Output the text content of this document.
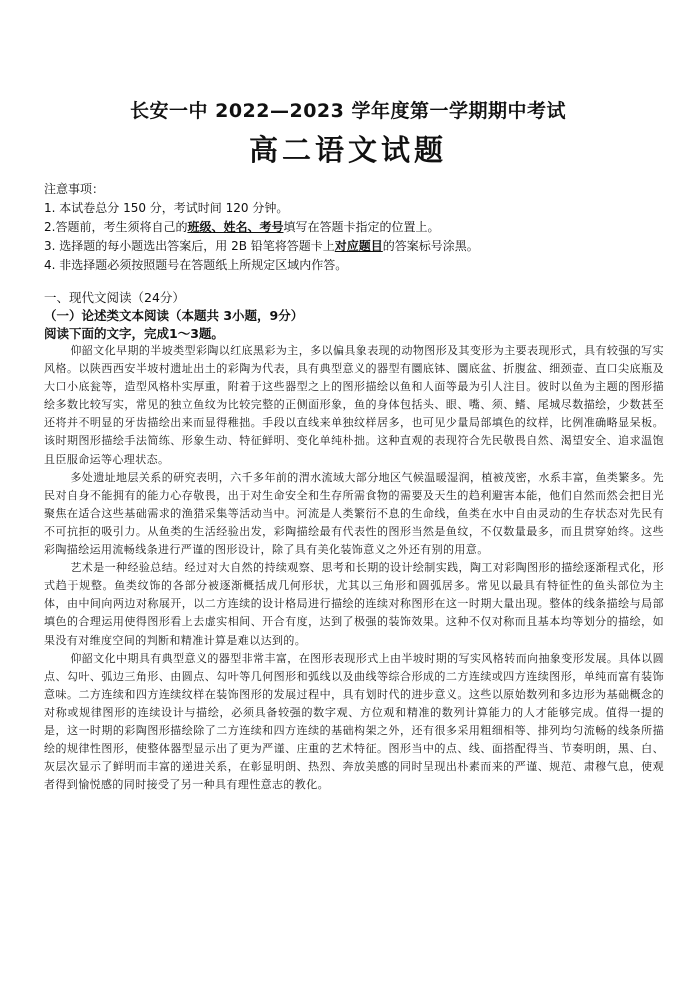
长安一中 2022—2023 学年度第一学期期中考试
高二语文试题
注意事项：
1. 本试卷总分 150 分，考试时间 120 分钟。
2.答题前，考生须将自己的班级、姓名、考号填写在答题卡指定的位置上。
3. 选择题的每小题选出答案后，用 2B 铅笔将答题卡上对应题目的答案标号涂黑。
4. 非选择题必须按照题号在答题纸上所规定区域内作答。
一、现代文阅读（24分）
（一）论述类文本阅读（本题共 3小题，9分）
阅读下面的文字，完成1～3题。

仰韶文化早期的半坡类型彩陶以红底黑彩为主，多以偏具象表现的动物图形及其变形为主要表现形式，具有较强的写实风格。以陕西西安半坡村遗址出土的彩陶为代表，具有典型意义的器型有圜底钵、圜底盆、折腹盆、细颈壶、直口尖底瓶及大口小底瓮等，造型风格朴实厚重，附着于这些器型之上的图形描绘以鱼和人面等最为引人注目。彼时以鱼为主题的图形描绘多数比较写实，常见的独立鱼纹为比较完整的正侧面形象，鱼的身体包括头、眼、嘴、须、鳍、尾城尽数描绘，少数甚至还将并不明显的牙齿描绘出来而显得稚拙。手段以直线来单独纹样居多，也可见少量局部填色的纹样，比例准确略显呆板。该时期图形描绘手法简练、形象生动、特征鲜明、变化单纯朴拙。这种直观的表现符合先民敬畏自然、渴望安全、追求温饱且臣服命运等心理状态。

多处遗址地层关系的研究表明，六千多年前的渭水流域大部分地区气候温暖湿润，植被茂密，水系丰富，鱼类繁多。先民对自身不能拥有的能力心存敬畏，出于对生命安全和生存所需食物的需要及天生的趋利避害本能，他们自然而然会把目光聚焦在适合这些基础需求的渔猎采集等活动当中。河流是人类繁衍不息的生命线，鱼类在水中自由灵动的生存状态对先民有不可抗拒的吸引力。从鱼类的生活经验出发，彩陶描绘最有代表性的图形当然是鱼纹，不仅数量最多，而且贯穿始终。这些彩陶描绘运用流畅线条进行严谨的图形设计，除了具有美化装饰意义之外还有别的用意。

艺术是一种经验总结。经过对大自然的持续观察、思考和长期的设计绘制实践，陶工对彩陶图形的描绘逐渐程式化，形式趋于规整。鱼类纹饰的各部分被逐渐概括成几何形状，尤其以三角形和圆弧居多。常见以最具有特征性的鱼头部位为主体，由中间向两边对称展开，以二方连续的设计格局进行描绘的连续对称图形在这一时期大量出现。整体的线条描绘与局部填色的合理运用使得图形看上去虚实相间、开合有度，达到了极强的装饰效果。这种不仅对称而且基本均等划分的描绘，如果没有对维度空间的判断和精准计算是难以达到的。

仰韶文化中期具有典型意义的器型非常丰富，在图形表现形式上由半坡时期的写实风格转而向抽象变形发展。具体以圆点、勾叶、弧边三角形、由圆点、勾叶等几何图形和弧线以及曲线等综合形成的二方连续或四方连续图形，单纯而富有装饰意味。二方连续和四方连续纹样在装饰图形的发展过程中，具有划时代的进步意义。这些以原始数列和多边形为基础概念的对称或规律图形的连续设计与描绘，必须具备较强的数字观、方位观和精准的数列计算能力的人才能够完成。值得一提的是，这一时期的彩陶图形描绘除了二方连续和四方连续的基础构架之外，还有很多采用粗细相等、排列均匀流畅的线条所描绘的规律性图形，使整体器型显示出了更为严谨、庄重的艺术特征。图形当中的点、线、面搭配得当、节奏明朗，黑、白、灰层次显示了鲜明而丰富的递进关系，在彰显明朗、热烈、奔放美感的同时呈现出朴素而来的严谨、规范、肃穆气息，使观者得到愉悦感的同时接受了另一种具有理性意志的教化。
